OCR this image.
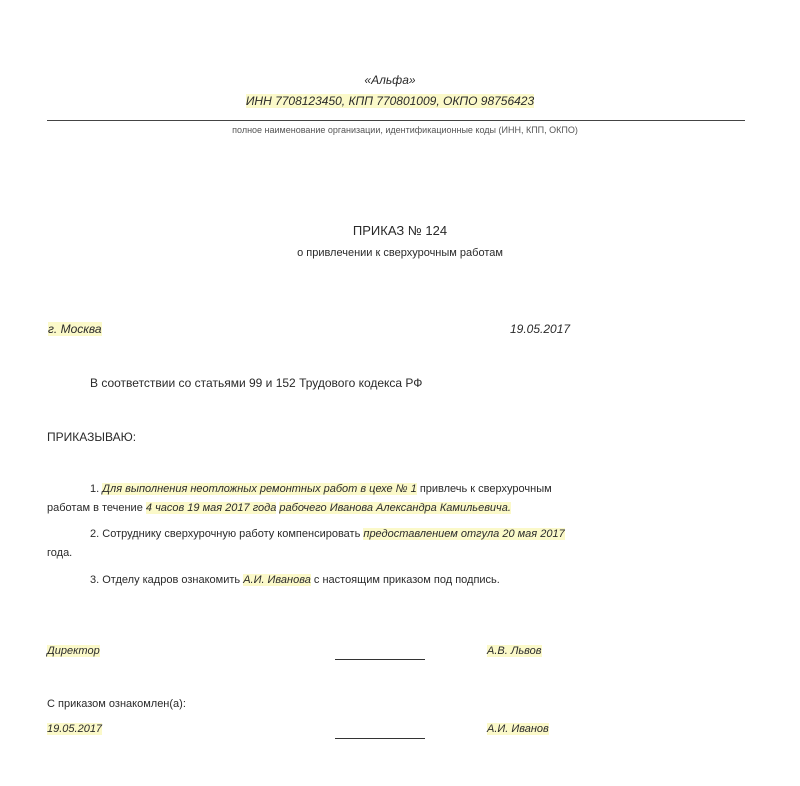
«Альфа»
ИНН 7708123450, КПП 770801009, ОКПО 98756423
полное наименование организации, идентификационные коды (ИНН, КПП, ОКПО)
ПРИКАЗ № 124
о привлечении к сверхурочным работам
г. Москва	19.05.2017
В соответствии со статьями 99 и 152 Трудового кодекса РФ
ПРИКАЗЫВАЮ:
1. Для выполнения неотложных ремонтных работ в цехе № 1 привлечь к сверхурочным
работам в течение 4 часов 19 мая 2017 года рабочего Иванова Александра Камильевича.
2. Сотруднику сверхурочную работу компенсировать предоставлением отгула 20 мая 2017
года.
3. Отделу кадров ознакомить А.И. Иванова с настоящим приказом под подпись.
Директор	А.В. Львов
С приказом ознакомлен(а):
19.05.2017	А.И. Иванов
